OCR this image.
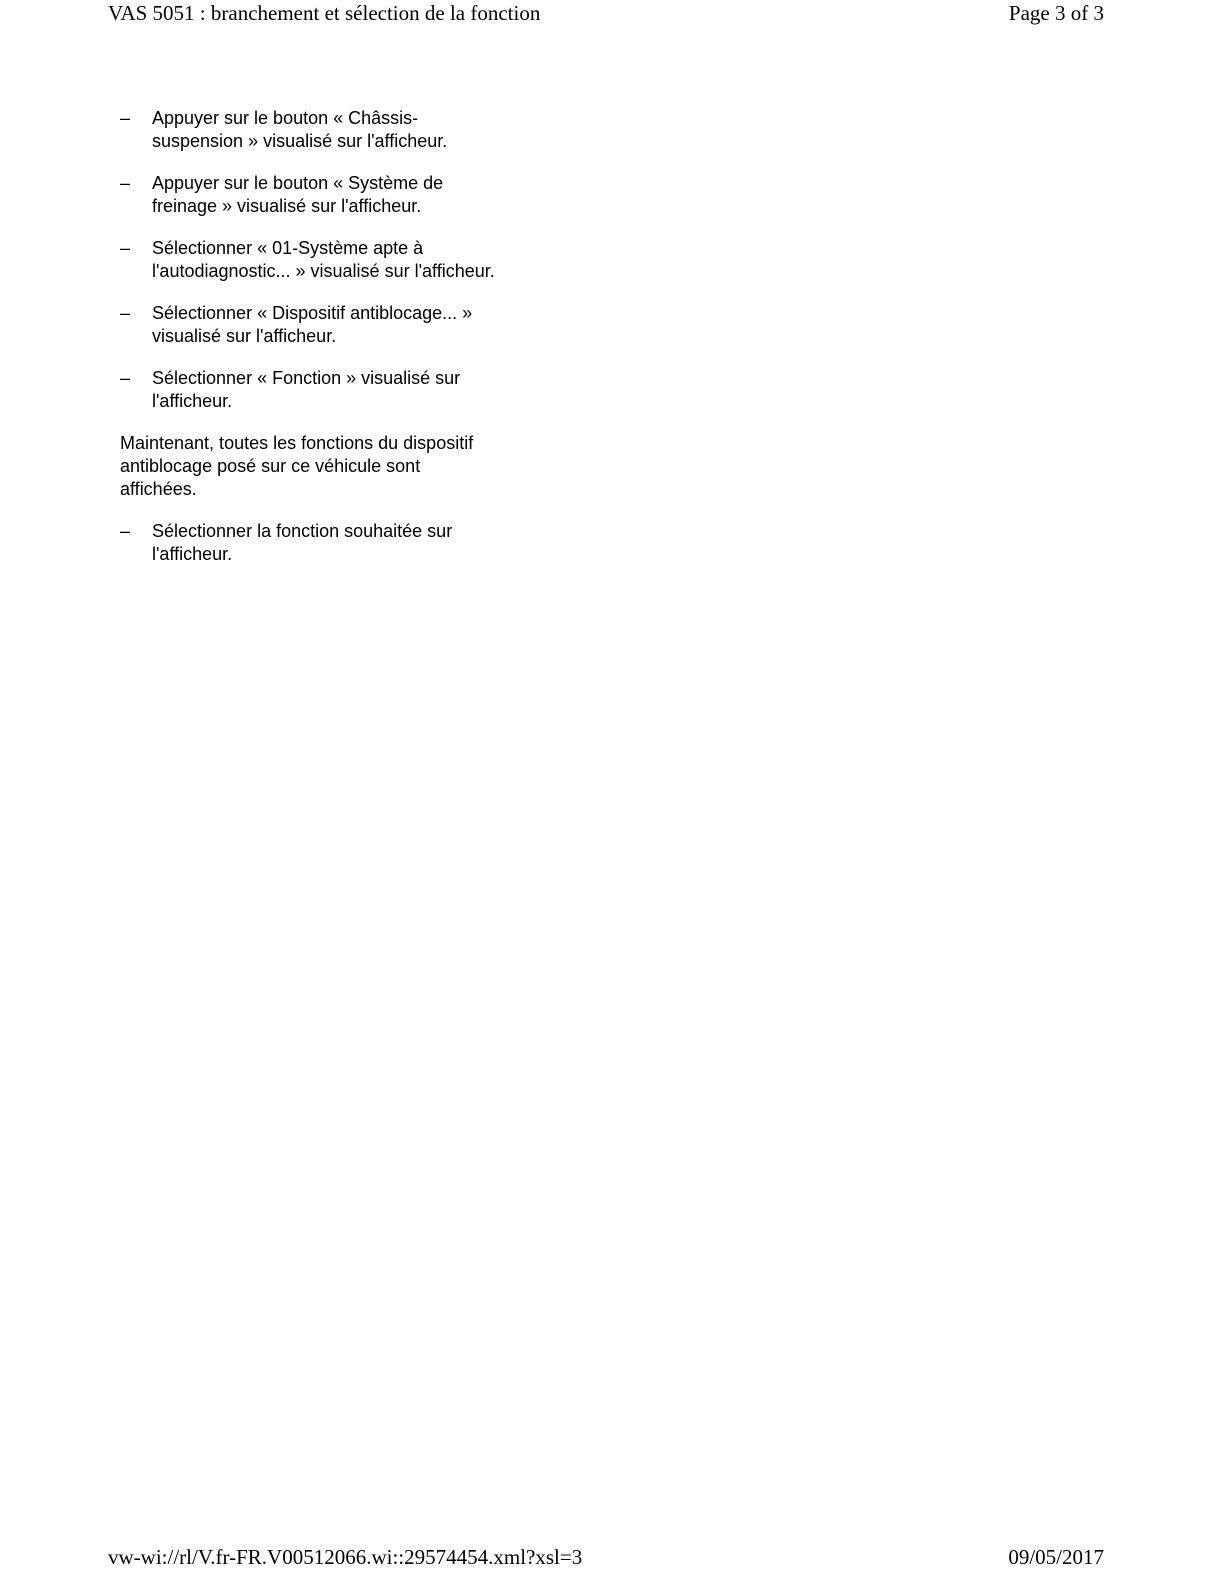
VAS 5051 : branchement et sélection de la fonction	Page 3 of 3
–	Appuyer sur le bouton « Châssis-
suspension » visualisé sur l'afficheur.
–	Appuyer sur le bouton « Système de
freinage » visualisé sur l'afficheur.
–	Sélectionner « 01-Système apte à
l'autodiagnostic... » visualisé sur l'afficheur.
–	Sélectionner « Dispositif antiblocage... »
visualisé sur l'afficheur.
–	Sélectionner « Fonction » visualisé sur
l'afficheur.
Maintenant, toutes les fonctions du dispositif
antiblocage posé sur ce véhicule sont
affichées.
–	Sélectionner la fonction souhaitée sur
l'afficheur.
vw-wi://rl/V.fr-FR.V00512066.wi::29574454.xml?xsl=3	09/05/2017
